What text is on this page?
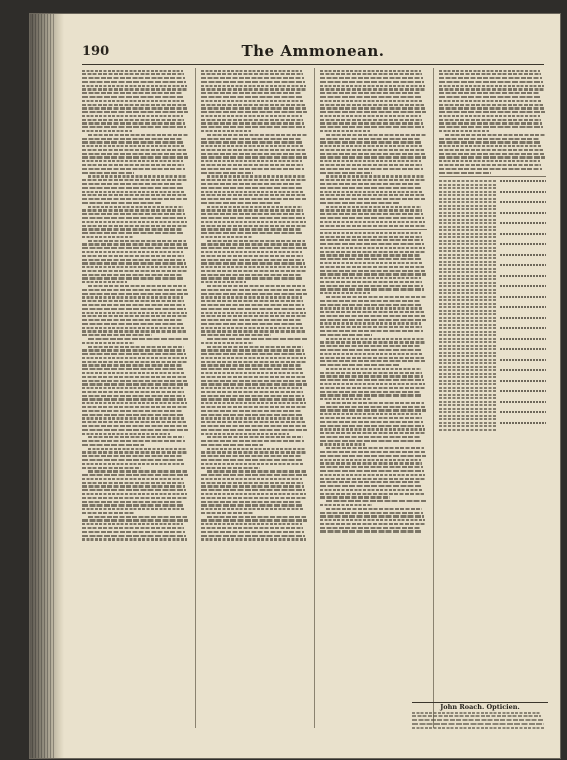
190	The Ammonean.
John Roach. Opticien.
